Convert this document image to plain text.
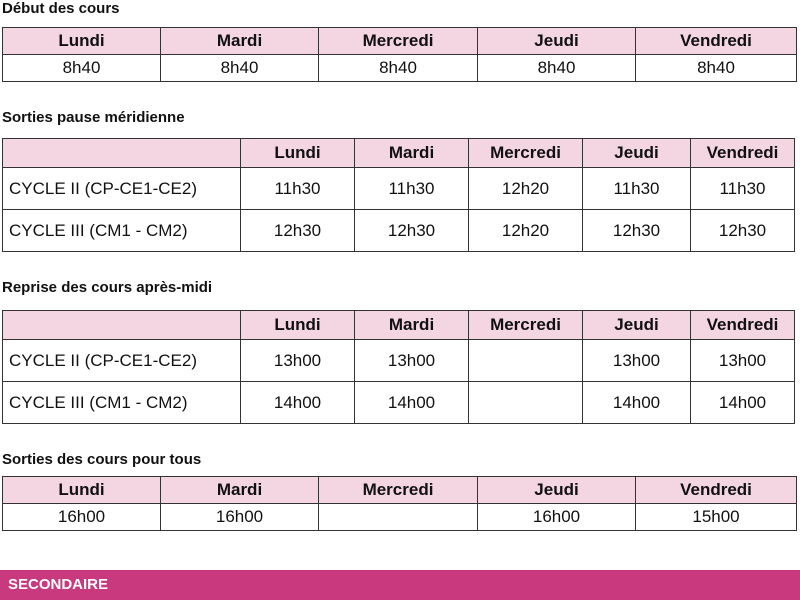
Début des cours
Lundi	Mardi	Mercredi	Jeudi	Vendredi
8h40	8h40	8h40	8h40	8h40
Sorties pause méridienne
	Lundi	Mardi	Mercredi	Jeudi	Vendredi
CYCLE II (CP-CE1-CE2)	11h30	11h30	12h20	11h30	11h30
CYCLE III (CM1 - CM2)	12h30	12h30	12h20	12h30	12h30
Reprise des cours après-midi
	Lundi	Mardi	Mercredi	Jeudi	Vendredi
CYCLE II (CP-CE1-CE2)	13h00	13h00		13h00	13h00
CYCLE III (CM1 - CM2)	14h00	14h00		14h00	14h00
Sorties des cours pour tous
Lundi	Mardi	Mercredi	Jeudi	Vendredi
16h00	16h00		16h00	15h00
SECONDAIRE
